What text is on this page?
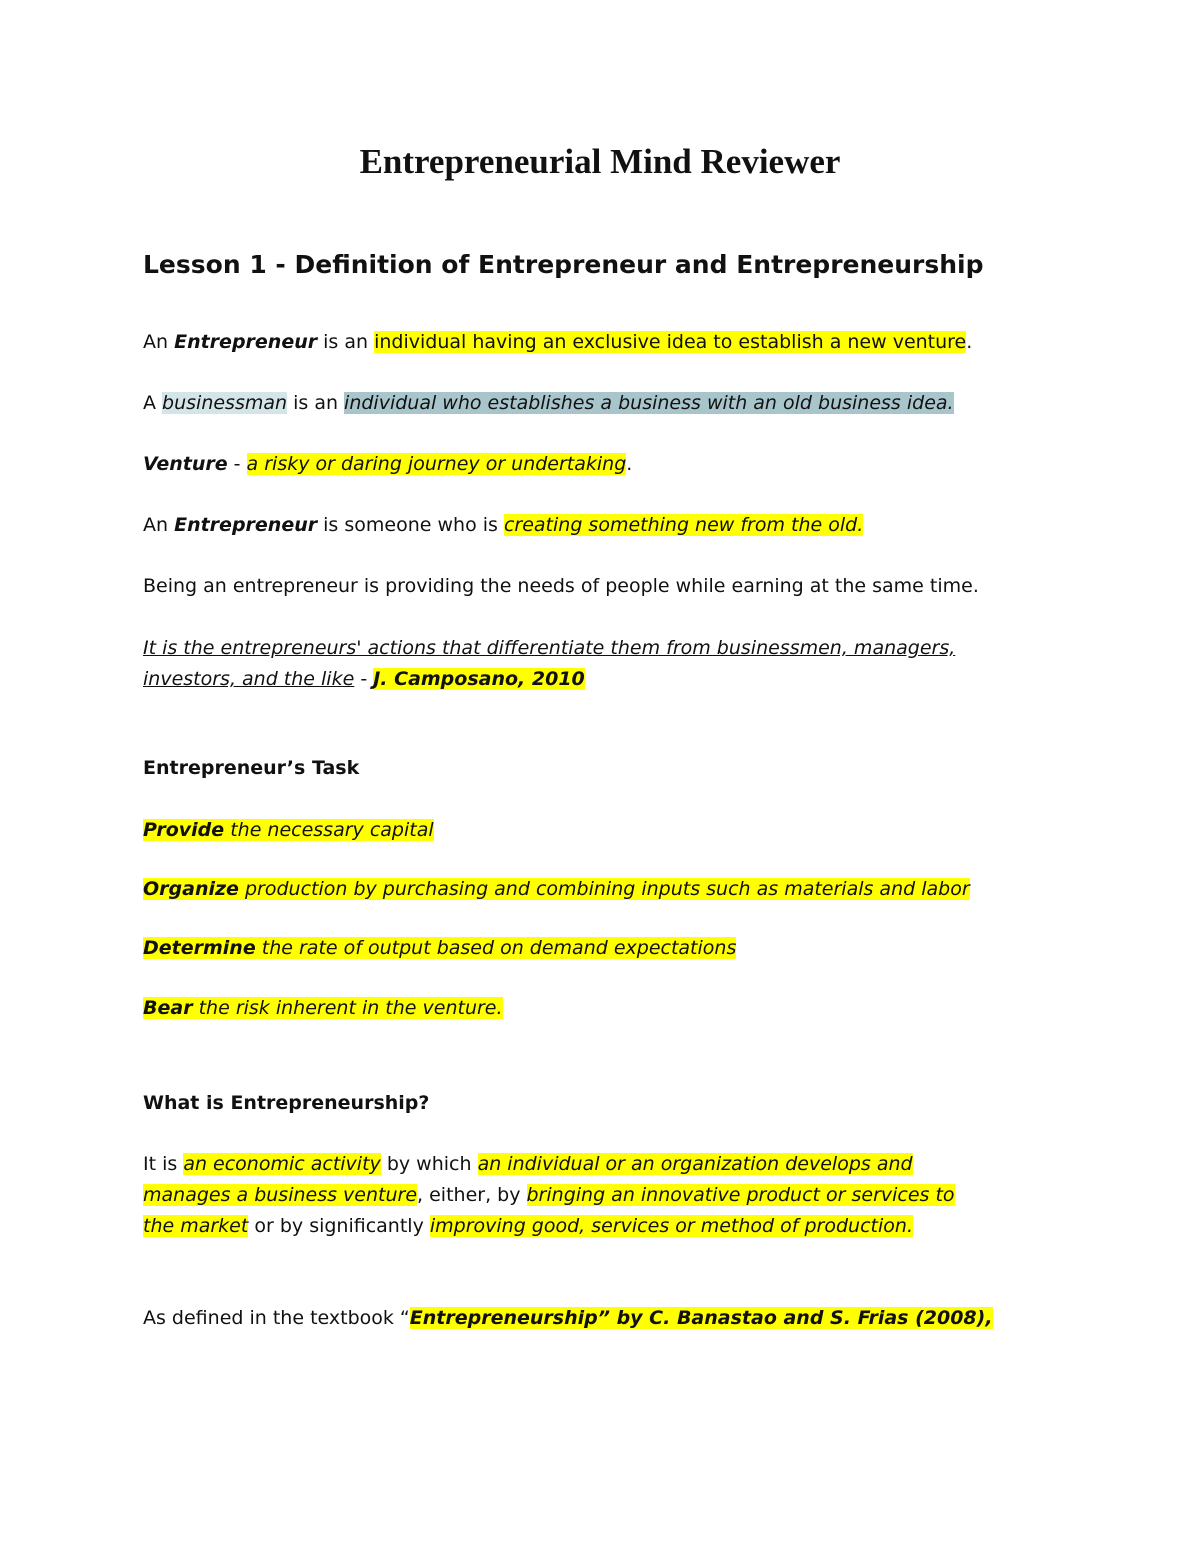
Entrepreneurial Mind Reviewer
Lesson 1 - Definition of Entrepreneur and Entrepreneurship
An Entrepreneur is an individual having an exclusive idea to establish a new venture.
A businessman is an individual who establishes a business with an old business idea.
Venture - a risky or daring journey or undertaking.
An Entrepreneur is someone who is creating something new from the old.
Being an entrepreneur is providing the needs of people while earning at the same time.
It is the entrepreneurs' actions that differentiate them from businessmen, managers,
investors, and the like - J. Camposano, 2010
Entrepreneur’s Task
Provide the necessary capital
Organize production by purchasing and combining inputs such as materials and labor
Determine the rate of output based on demand expectations
Bear the risk inherent in the venture.
What is Entrepreneurship?
It is an economic activity by which an individual or an organization develops and
manages a business venture, either, by bringing an innovative product or services to
the market or by significantly improving good, services or method of production.
As defined in the textbook “Entrepreneurship” by C. Banastao and S. Frias (2008),
